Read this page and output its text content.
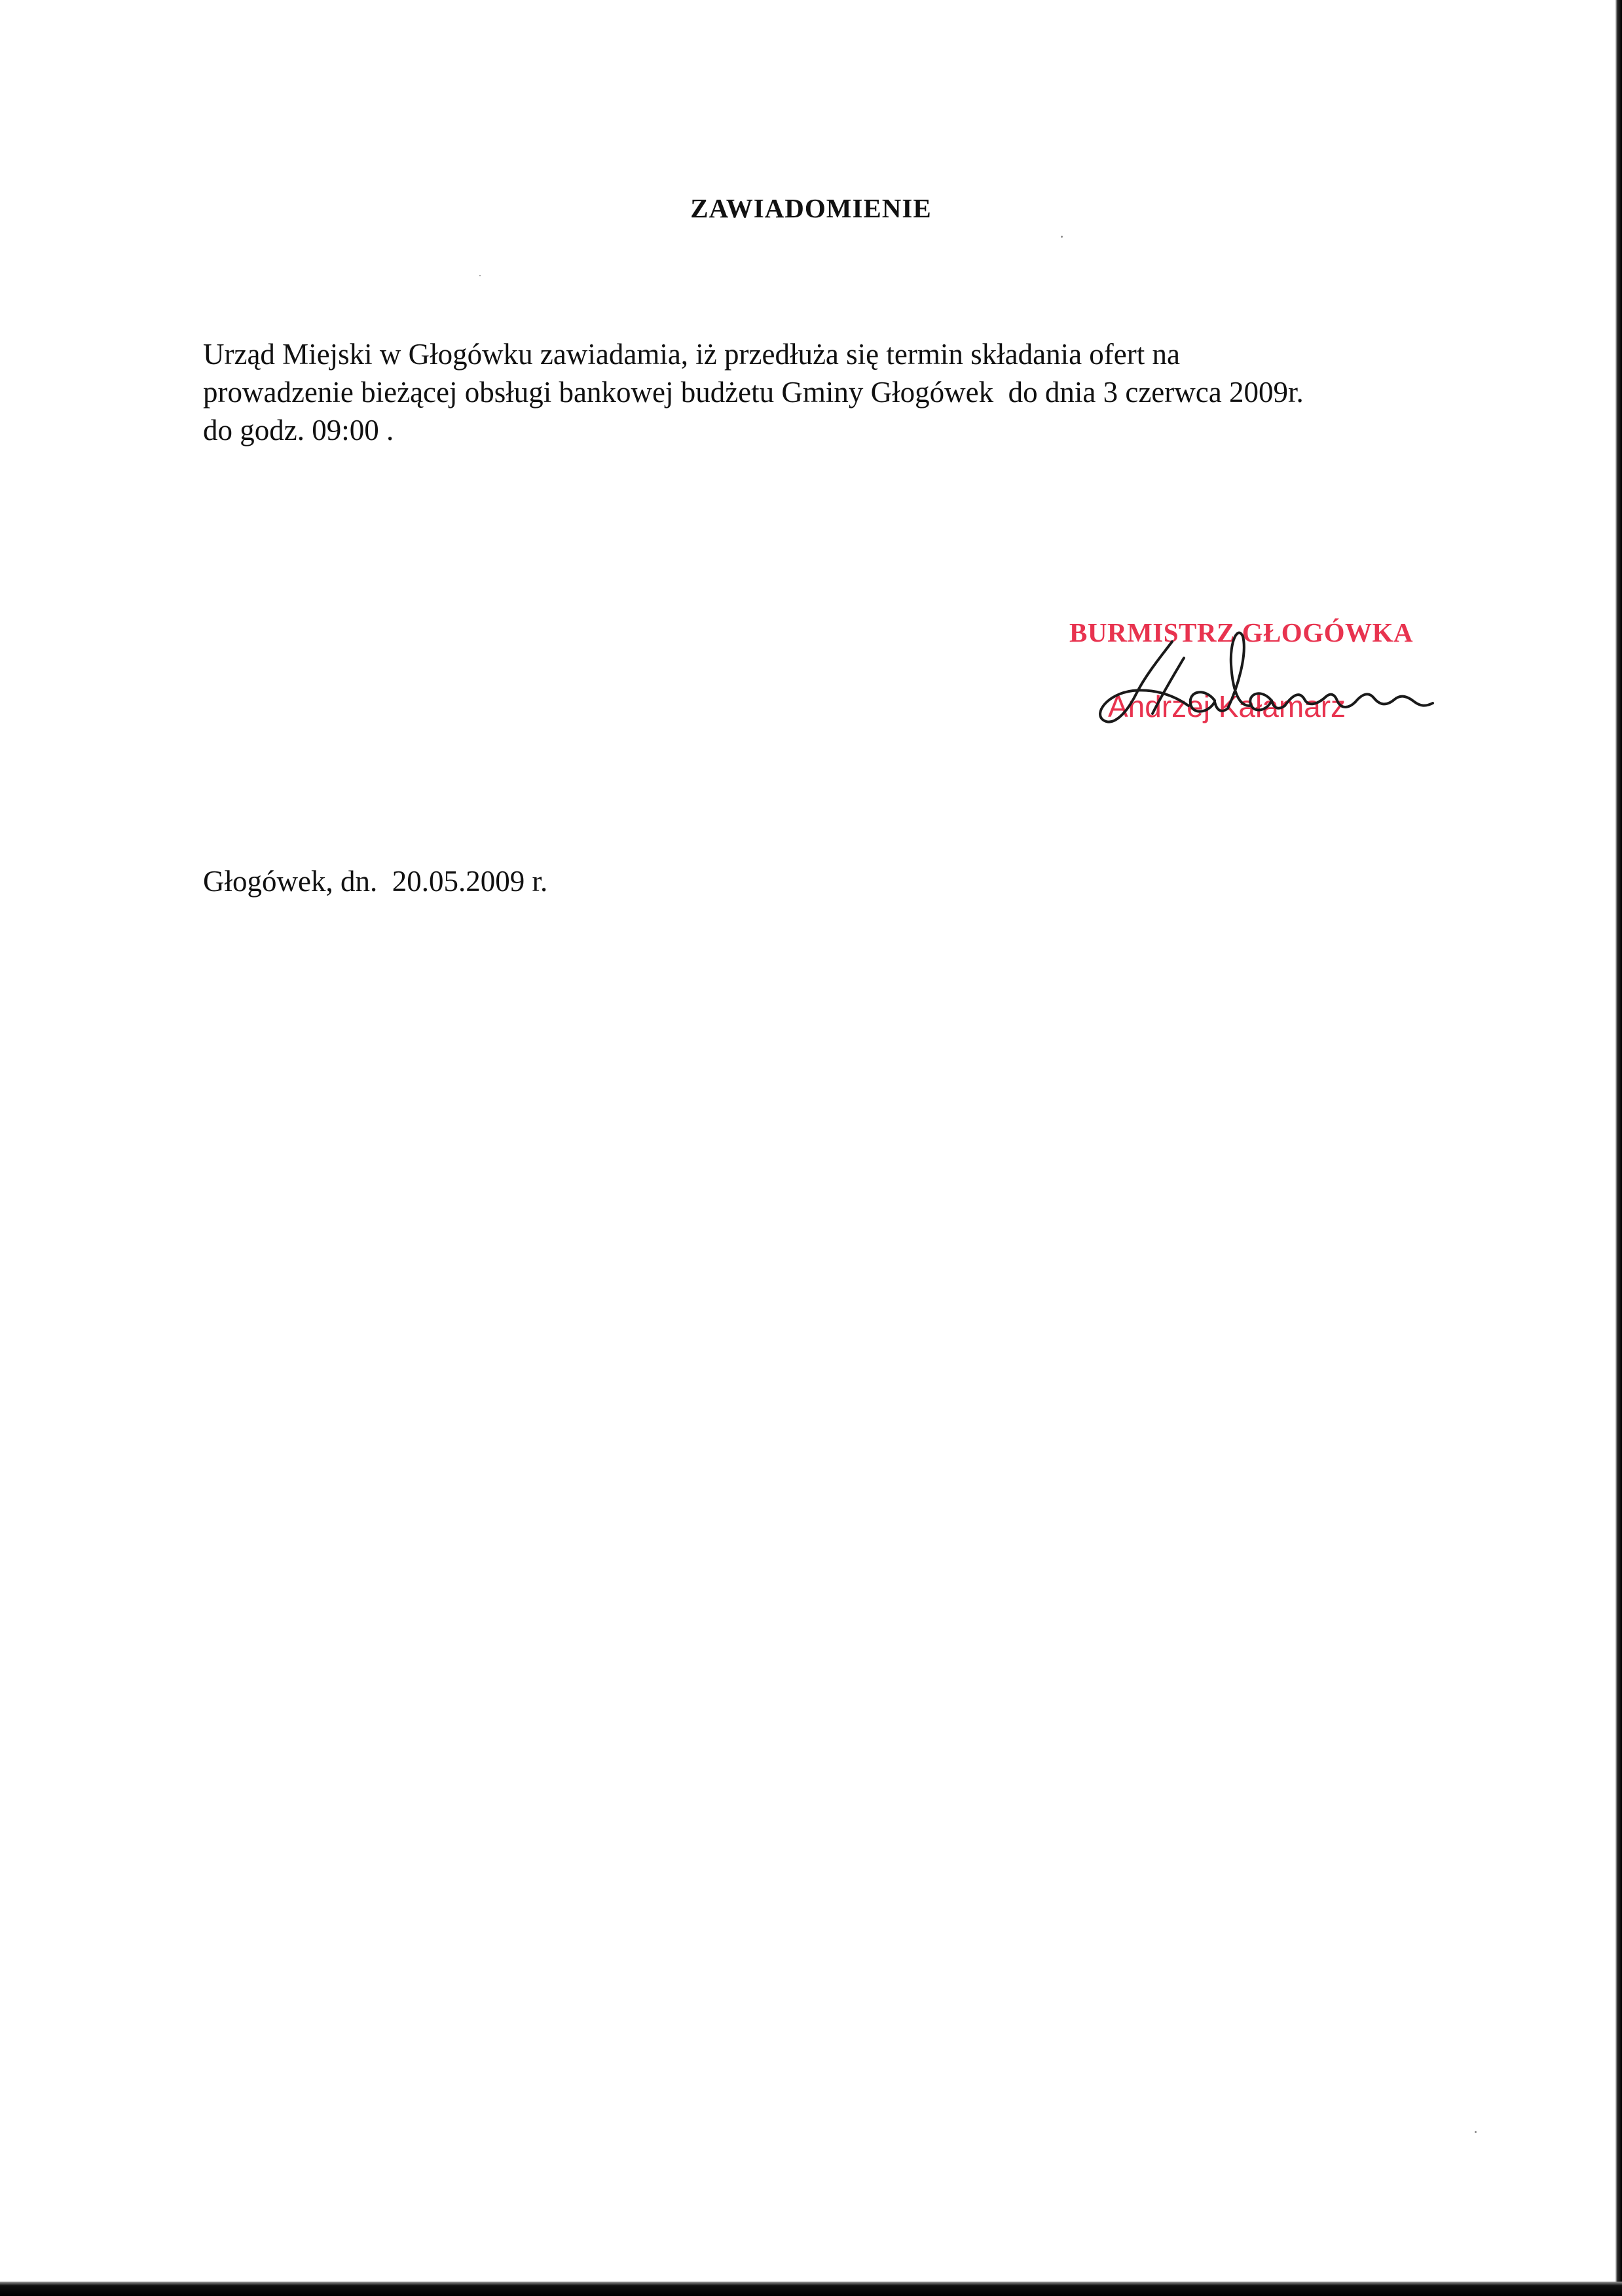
ZAWIADOMIENIE
Urząd Miejski w Głogówku zawiadamia, iż przedłuża się termin składania ofert na
prowadzenie bieżącej obsługi bankowej budżetu Gminy Głogówek  do dnia 3 czerwca 2009r.
do godz. 09:00 .
BURMISTRZ GŁOGÓWKA
Andrzej Kałamarz
Głogówek, dn.  20.05.2009 r.
